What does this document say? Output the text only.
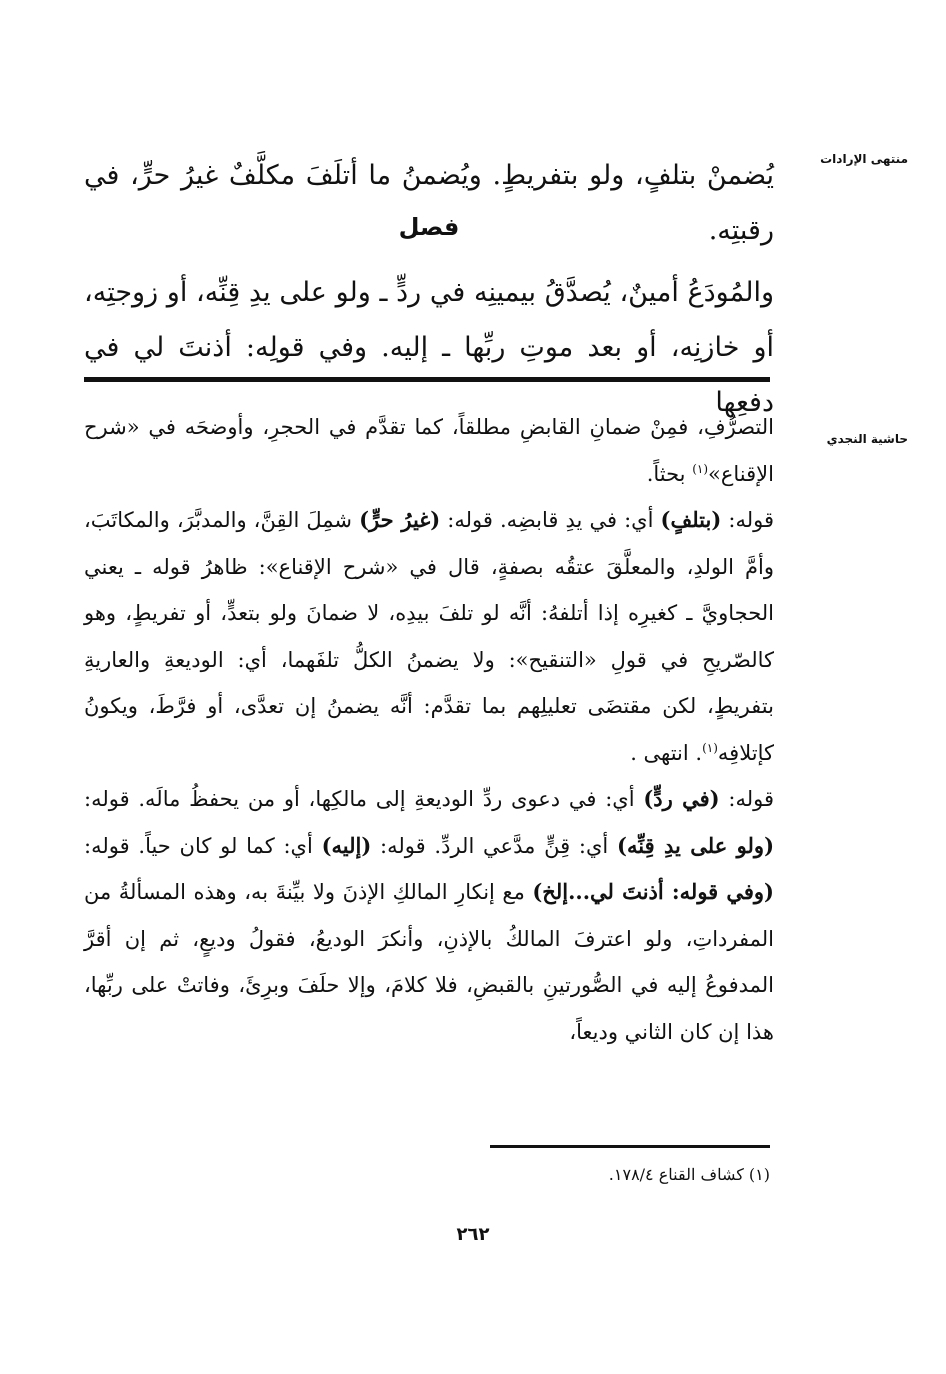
منتهى الإرادات
حاشية النجدي

يُضمنْ بتلفٍ، ولو بتفريطٍ. ويُضمنُ ما أتلَفَ مكلَّفٌ غيرُ حرٍّ، في رقبتِه.

فصل

والمُودَعُ أمينٌ، يُصدَّقُ بيمينِه في ردٍّ ـ ولو على يدِ قِنِّه، أو زوجتِه، أو خازنِه، أو بعد موتِ ربِّها ـ إليه. وفي قولِه: أذنتَ لي في دفعِها

التصرُّفِ، فمِنْ ضمانِ القابضِ مطلقاً، كما تقدَّم في الحجرِ، وأوضحَه في «شرح الإقناع»$^{(١)}$ بحثاً.

قوله: (بتلفٍ) أي: في يدِ قابضِه. قوله: (غيرُ حرٍّ) شمِلَ القِنَّ، والمدبَّرَ، والمكاتَبَ، وأمَّ الولدِ، والمعلَّقَ عتقُه بصفةٍ، قال في «شرح الإقناع»: ظاهرُ قوله ـ يعني الحجاويَّ ـ كغيرِه إذا أتلفهُ: أنَّه لو تلفَ بيدِه، لا ضمانَ ولو بتعدٍّ، أو تفريطٍ، وهو كالصّريحِ في قولِ «التنقيح»: ولا يضمنُ الكلُّ تلفَهما، أي: الوديعةِ والعاريةِ بتفريطٍ، لكن مقتضَى تعليلِهم بما تقدَّم: أنَّه يضمنُ إن تعدَّى، أو فرَّطَ، ويكونُ كإتلافِه$^{(١)}$. انتهى .

قوله: (في ردٍّ) أي: في دعوى ردِّ الوديعةِ إلى مالكِها، أو من يحفظُ مالَه. قوله: (ولو على يدِ قِنِّه) أي: قِنٍّ مدَّعي الردِّ. قوله: (إليه) أي: كما لو كان حياً. قوله: (وفي قوله: أذنتَ لي...إلخ) مع إنكارِ المالكِ الإذنَ ولا بيِّنةَ به، وهذه المسألةُ من المفرداتِ، ولو اعترفَ المالكُ بالإذنِ، وأنكرَ الوديعُ، فقولُ وديعٍ، ثم إن أقرَّ المدفوعُ إليه في الصُّورتينِ بالقبضِ، فلا كلامَ، وإلا حلَفَ وبرِئَ، وفاتتْ على ربِّها، هذا إن كان الثاني وديعاً،

(١) كشاف القناع ١٧٨/٤.
٢٦٢
